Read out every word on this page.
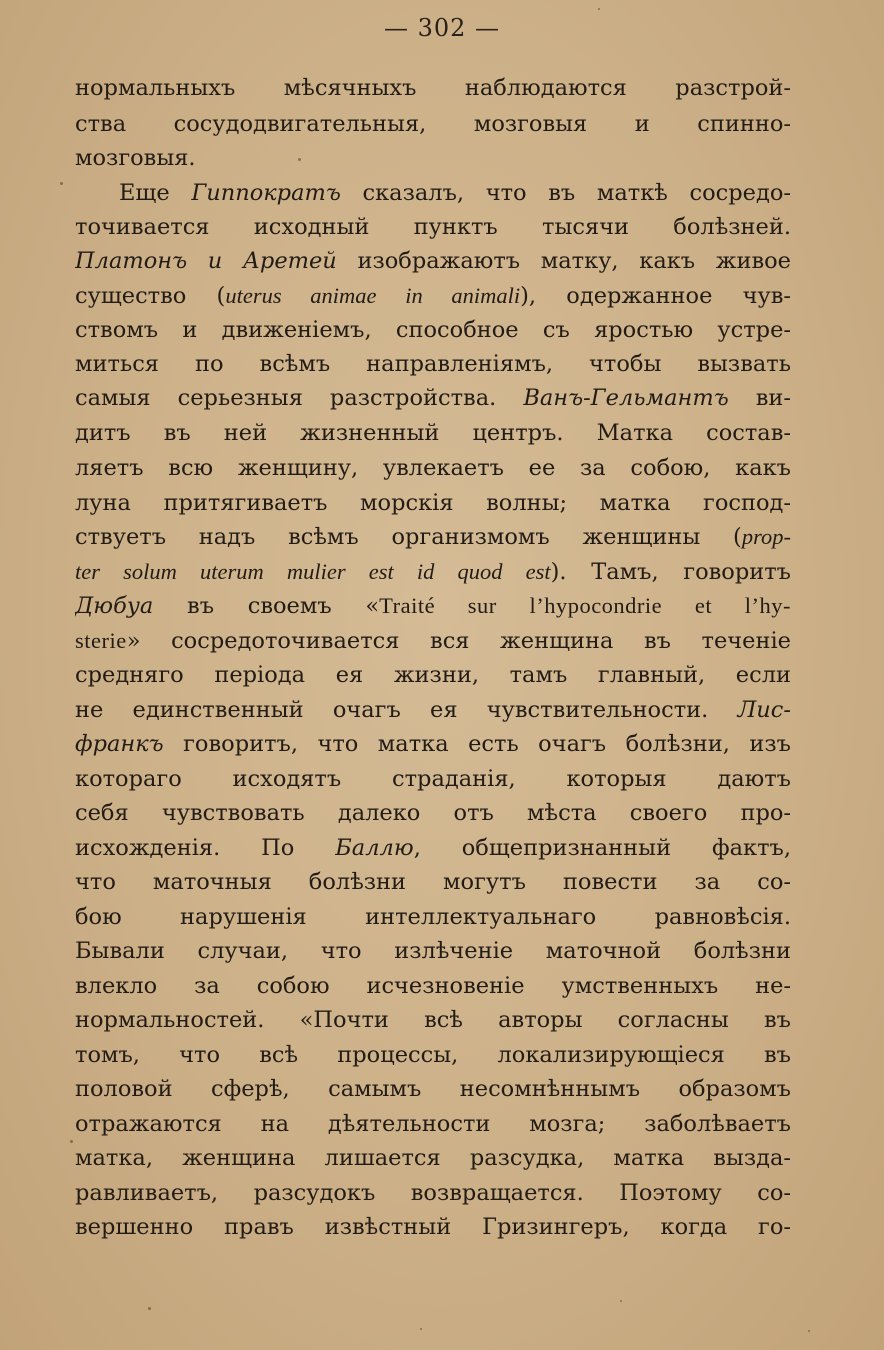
— 302 —
нормальныхъ мѣсячныхъ наблюдаются разстрой-
ства сосудодвигательныя, мозговыя и спинно-
мозговыя.
Еще Гиппократъ сказалъ, что въ маткѣ сосредо-
точивается исходный пунктъ тысячи болѣзней.
Платонъ и Аретей изображаютъ матку, какъ живое
существо (uterus animae in animali), одержанное чув-
ствомъ и движеніемъ, способное съ яростью устре-
миться по всѣмъ направленіямъ, чтобы вызвать
самыя серьезныя разстройства. Ванъ-Гельмантъ ви-
дитъ въ ней жизненный центръ. Матка состав-
ляетъ всю женщину, увлекаетъ ее за собою, какъ
луна притягиваетъ морскія волны; матка господ-
ствуетъ надъ всѣмъ организмомъ женщины (prop-
ter solum uterum mulier est id quod est). Тамъ, говоритъ
Дюбуа въ своемъ «Traité sur l’hypocondrie et l’hy-
sterie» сосредоточивается вся женщина въ теченіе
средняго періода ея жизни, тамъ главный, если
не единственный очагъ ея чувствительности. Лис-
франкъ говоритъ, что матка есть очагъ болѣзни, изъ
котораго исходятъ страданія, которыя даютъ
себя чувствовать далеко отъ мѣста своего про-
исхожденія. По Баллю, общепризнанный фактъ,
что маточныя болѣзни могутъ повести за со-
бою нарушенія интеллектуальнаго равновѣсія.
Бывали случаи, что излѣченіе маточной болѣзни
влекло за собою исчезновеніе умственныхъ не-
нормальностей. «Почти всѣ авторы согласны въ
томъ, что всѣ процессы, локализирующіеся въ
половой сферѣ, самымъ несомнѣннымъ образомъ
отражаются на дѣятельности мозга; заболѣваетъ
матка, женщина лишается разсудка, матка выздa-
равливаетъ, разсудокъ возвращается. Поэтому со-
вершенно правъ извѣстный Гризингеръ, когда го-
